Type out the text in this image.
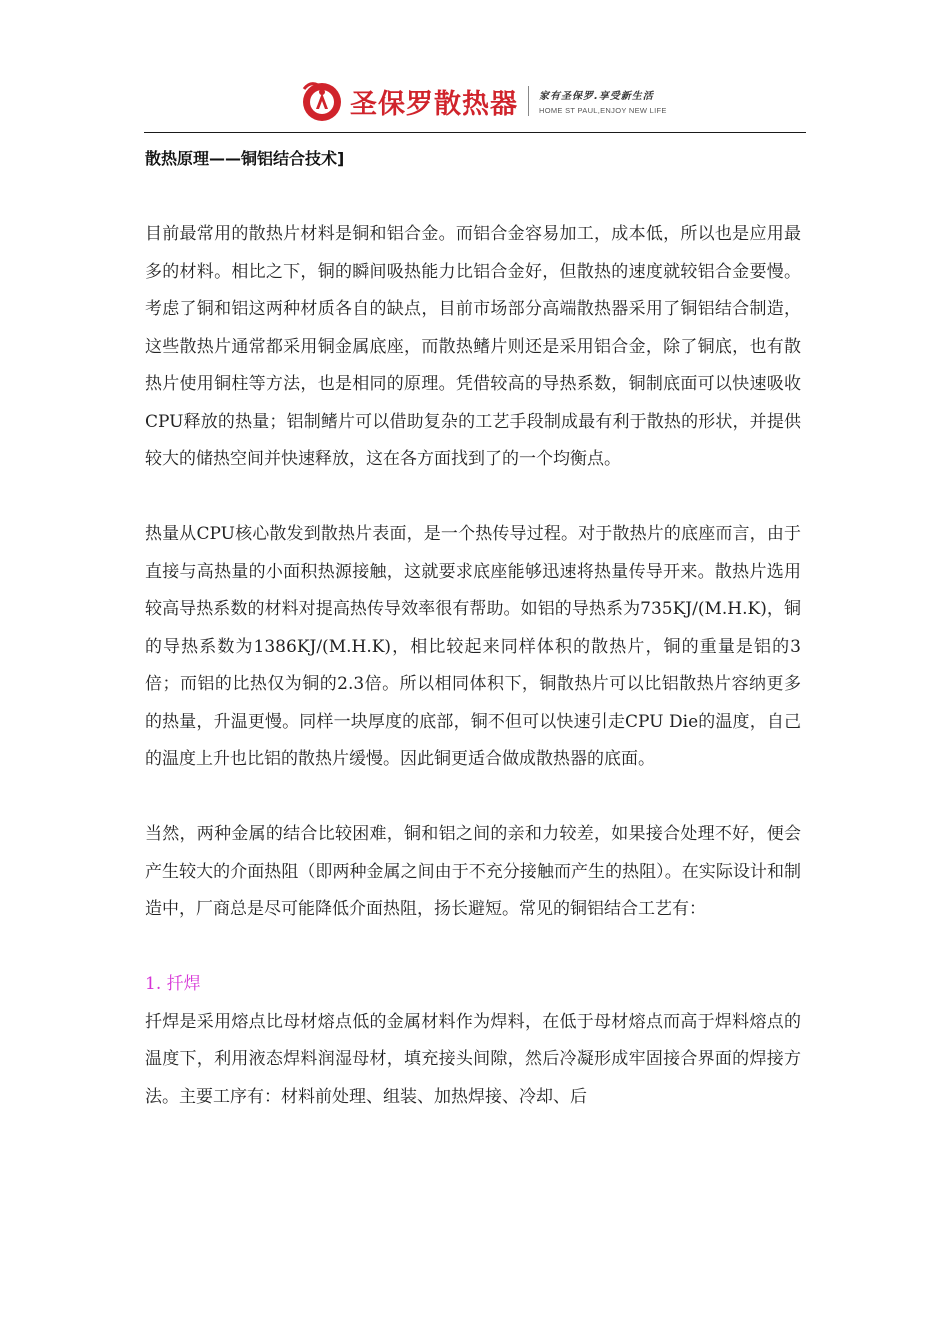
圣保罗散热器 家有圣保罗.享受新生活
HOME ST PAUL,ENJOY NEW LIFE
散热原理——铜铝结合技术]

目前最常用的散热片材料是铜和铝合金。而铝合金容易加工，成本低，所以也是应用最多的材料。相比之下，铜的瞬间吸热能力比铝合金好，但散热的速度就较铝合金要慢。考虑了铜和铝这两种材质各自的缺点，目前市场部分高端散热器采用了铜铝结合制造，这些散热片通常都采用铜金属底座，而散热鳍片则还是采用铝合金，除了铜底，也有散热片使用铜柱等方法，也是相同的原理。凭借较高的导热系数，铜制底面可以快速吸收CPU释放的热量；铝制鳍片可以借助复杂的工艺手段制成最有利于散热的形状，并提供较大的储热空间并快速释放，这在各方面找到了的一个均衡点。

热量从CPU核心散发到散热片表面，是一个热传导过程。对于散热片的底座而言，由于直接与高热量的小面积热源接触，这就要求底座能够迅速将热量传导开来。散热片选用较高导热系数的材料对提高热传导效率很有帮助。如铝的导热系为735KJ/(M.H.K)，铜的导热系数为1386KJ/(M.H.K)，相比较起来同样体积的散热片，铜的重量是铝的3倍；而铝的比热仅为铜的2.3倍。所以相同体积下，铜散热片可以比铝散热片容纳更多的热量，升温更慢。同样一块厚度的底部，铜不但可以快速引走CPU Die的温度，自己的温度上升也比铝的散热片缓慢。因此铜更适合做成散热器的底面。

当然，两种金属的结合比较困难，铜和铝之间的亲和力较差，如果接合处理不好，便会产生较大的介面热阻（即两种金属之间由于不充分接触而产生的热阻）。在实际设计和制造中，厂商总是尽可能降低介面热阻，扬长避短。常见的铜铝结合工艺有：

1. 扦焊

扦焊是采用熔点比母材熔点低的金属材料作为焊料，在低于母材熔点而高于焊料熔点的温度下，利用液态焊料润湿母材，填充接头间隙，然后冷凝形成牢固接合界面的焊接方法。主要工序有：材料前处理、组装、加热焊接、冷却、后
